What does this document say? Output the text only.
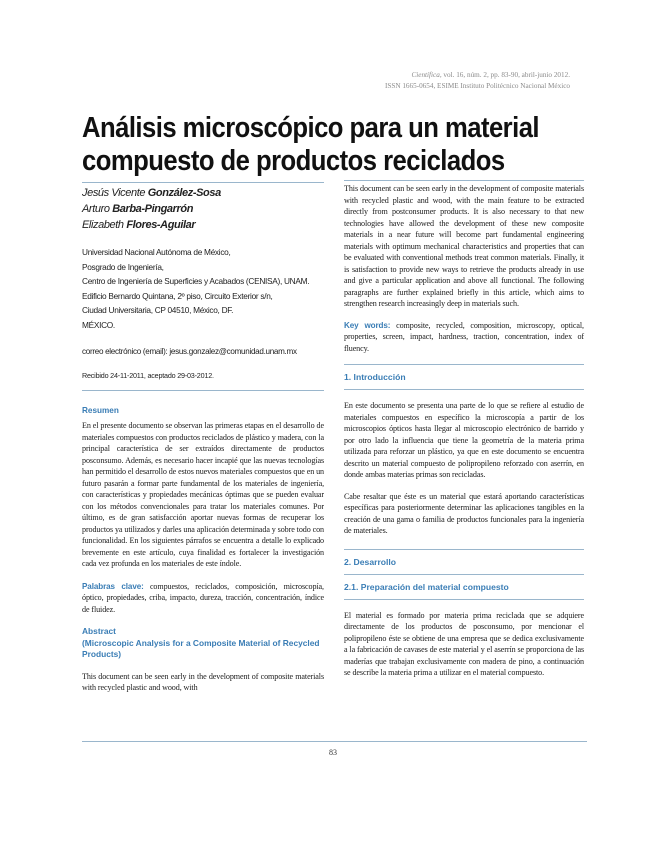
Científica, vol. 16, núm. 2, pp. 83-90, abril-junio 2012.
ISSN 1665-0654, ESIME Instituto Politécnico Nacional México
Análisis microscópico para un material compuesto de productos reciclados
Jesús Vicente González-Sosa
Arturo Barba-Pingarrón
Elizabeth Flores-Aguilar
Universidad Nacional Autónoma de México,
Posgrado de Ingeniería,
Centro de Ingeniería de Superficies y Acabados (CENISA), UNAM.
Edificio Bernardo Quintana, 2º piso, Circuito Exterior s/n,
Ciudad Universitaria, CP 04510, México, DF.
MÉXICO.
correo electrónico (email): jesus.gonzalez@comunidad.unam.mx
Recibido 24-11-2011, aceptado 29-03-2012.
Resumen

En el presente documento se observan las primeras etapas en el desarrollo de materiales compuestos con productos reciclados de plástico y madera, con la principal característica de ser extraídos directamente de productos posconsumo. Además, es necesario hacer incapié que las nuevas tecnologías han permitido el desarrollo de estos nuevos materiales compuestos que en un futuro pasarán a formar parte fundamental de los materiales de ingeniería, con características y propiedades mecánicas óptimas que se pueden evaluar con los métodos convencionales para tratar los materiales comunes. Por último, es de gran satisfacción aportar nuevas formas de recuperar los productos ya utilizados y darles una aplicación determinada y sobre todo con funcionalidad. En los siguientes párrafos se encuentra a detalle lo explicado brevemente en este artículo, cuya finalidad es fortalecer la investigación cada vez profunda en los materiales de este índole.

Palabras clave: compuestos, reciclados, composición, microscopía, óptico, propiedades, criba, impacto, dureza, tracción, concentración, índice de fluidez.

Abstract
(Microscopic Analysis for a Composite Material of Recycled Products)

This document can be seen early in the development of composite materials with recycled plastic and wood, with

This document can be seen early in the development of composite materials with recycled plastic and wood, with the main feature to be extracted directly from postconsumer products. It is also necessary to that new technologies have allowed the development of these new composite materials in a near future will become part fundamental engineering materials with optimum mechanical characteristics and properties that can be evaluated with conventional methods treat common materials. Finally, it is satisfaction to provide new ways to retrieve the products already in use and give a particular application and above all functional. The following paragraphs are further explained briefly in this article, which aims to strengthen research increasingly deep in materials such.

Key words: composite, recycled, composition, microscopy, optical, properties, screen, impact, hardness, traction, concentration, index of fluency.

1. Introducción

En este documento se presenta una parte de lo que se refiere al estudio de materiales compuestos en específico la microscopía a partir de los microscopios ópticos hasta llegar al microscopio electrónico de barrido y por otro lado la influencia que tiene la geometría de la materia prima utilizada para reforzar un plástico, ya que en este documento se encuentra descrito un material compuesto de polipropileno reforzado con aserrín, en donde ambas materias primas son recicladas.

Cabe resaltar que éste es un material que estará aportando características específicas para posteriormente determinar las aplicaciones tangibles en la creación de una gama o familia de productos funcionales para la ingeniería de materiales.

2. Desarrollo
2.1. Preparación del material compuesto

El material es formado por materia prima reciclada que se adquiere directamente de los productos de posconsumo, por mencionar el polipropileno éste se obtiene de una empresa que se dedica exclusivamente a la fabricación de cavases de este material y el aserrín se proporciona de las maderías que trabajan exclusivamente con madera de pino, a continuación se describe la materia prima a utilizar en el material compuesto.

83
